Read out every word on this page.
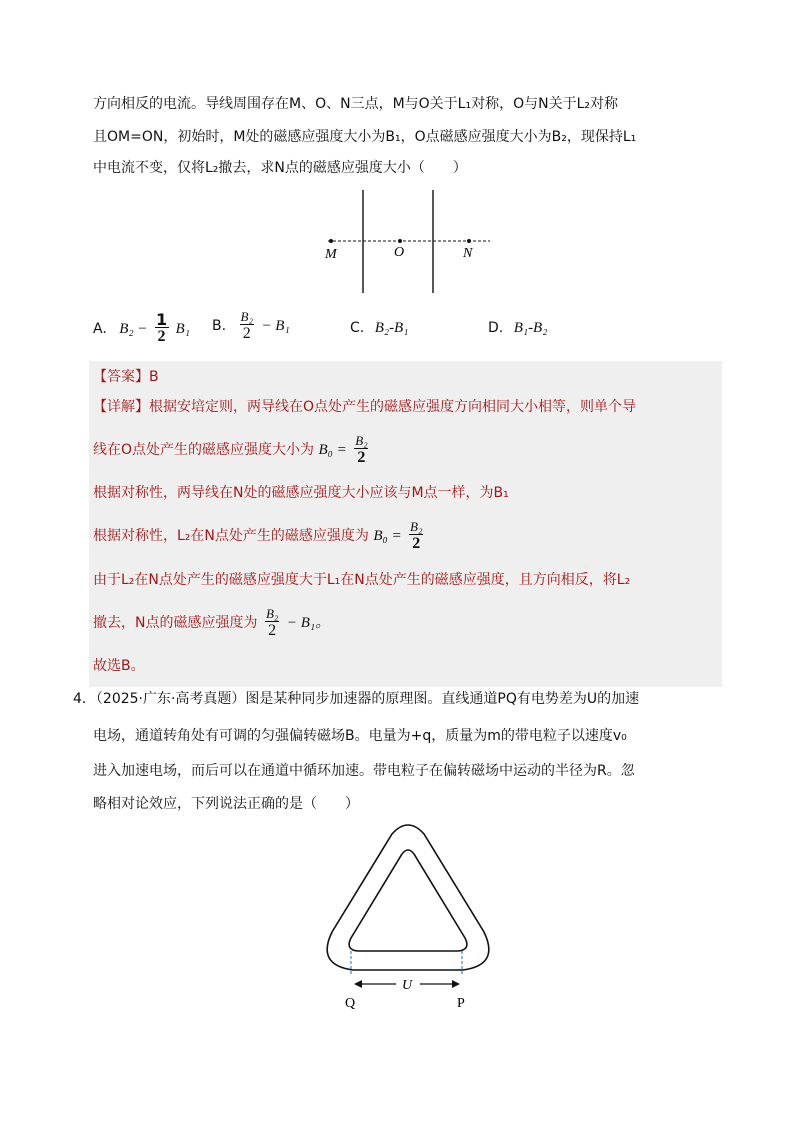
方向相反的电流。导线周围存在M、O、N三点，M与O关于L₁对称，O与N关于L₂对称
且OM=ON，初始时，M处的磁感应强度大小为B₁，O点磁感应强度大小为B₂，现保持L₁
中电流不变，仅将L₂撤去，求N点的磁感应强度大小（　　）
M	O	N
A. $B_2 - \frac{1}{2} B_1$ B. $\frac{\text{B₂}}{2} - B_1$	C. B₂-B₁	D. B₁-B₂
【答案】B
【详解】根据安培定则，两导线在O点处产生的磁感应强度方向相同大小相等，则单个导
线在O点处产生的磁感应强度大小为 $B_0 = \frac{\text{B₂}}{2}$
根据对称性，两导线在N处的磁感应强度大小应该与M点一样，为B₁
根据对称性，L₂在N点处产生的磁感应强度为 $B_0 = \frac{\text{B₂}}{2}$
由于L₂在N点处产生的磁感应强度大于L₁在N点处产生的磁感应强度，且方向相反，将L₂
撤去，N点的磁感应强度为 $\frac{\text{B₂}}{2} - B_1$。
故选B。
4．（2025·广东·高考真题）图是某种同步加速器的原理图。直线通道PQ有电势差为U的加速
电场，通道转角处有可调的匀强偏转磁场B。电量为+q，质量为m的带电粒子以速度v₀
进入加速电场，而后可以在通道中循环加速。带电粒子在偏转磁场中运动的半径为R。忽
略相对论效应，下列说法正确的是（　　）
U
Q	P
